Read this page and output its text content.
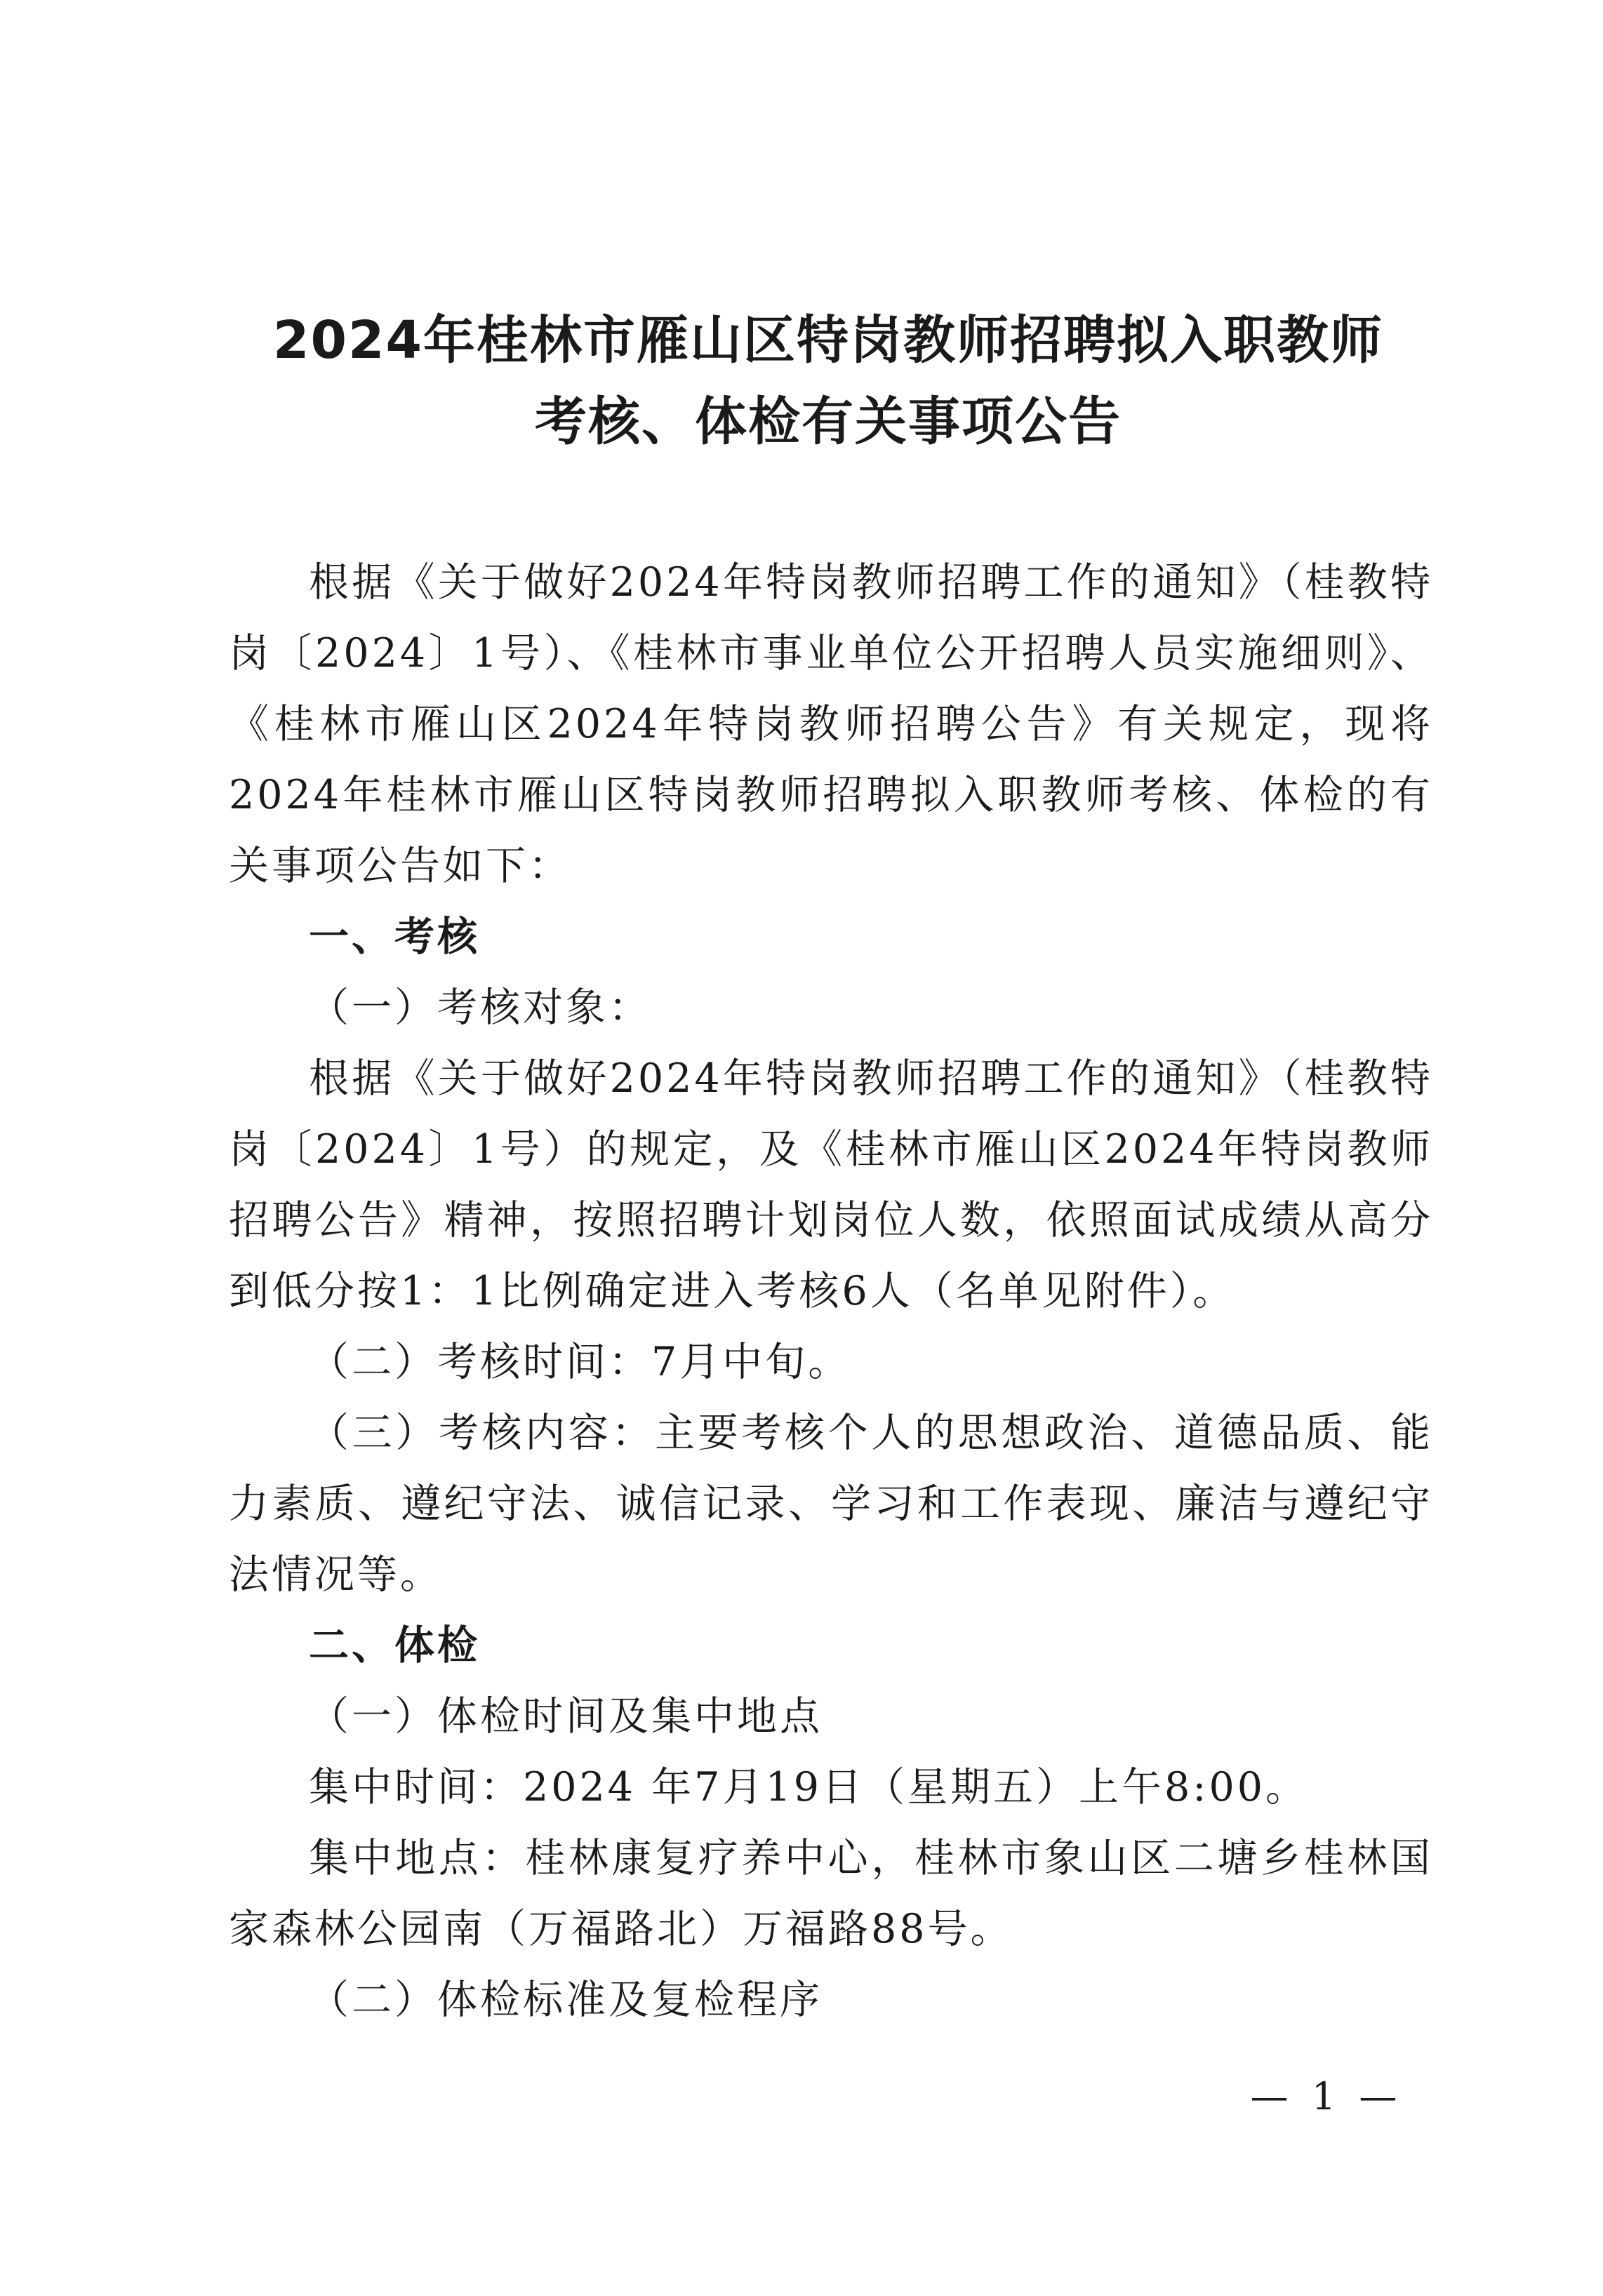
2024年桂林市雁山区特岗教师招聘拟入职教师
考核、体检有关事项公告

根据《关于做好2024年特岗教师招聘工作的通知》（桂教特岗〔2024〕1号）、《桂林市事业单位公开招聘人员实施细则》、《桂林市雁山区2024年特岗教师招聘公告》有关规定，现将2024年桂林市雁山区特岗教师招聘拟入职教师考核、体检的有关事项公告如下：

一、考核

（一）考核对象：

根据《关于做好2024年特岗教师招聘工作的通知》（桂教特岗〔2024〕1号）的规定，及《桂林市雁山区2024年特岗教师招聘公告》精神，按照招聘计划岗位人数，依照面试成绩从高分到低分按1：1比例确定进入考核6人（名单见附件）。

（二）考核时间：7月中旬。

（三）考核内容：主要考核个人的思想政治、道德品质、能力素质、遵纪守法、诚信记录、学习和工作表现、廉洁与遵纪守法情况等。

二、体检

（一）体检时间及集中地点

集中时间：2024 年7月19日（星期五）上午8:00。

集中地点：桂林康复疗养中心，桂林市象山区二塘乡桂林国家森林公园南（万福路北）万福路88号。

（二）体检标准及复检程序

— 1 —
